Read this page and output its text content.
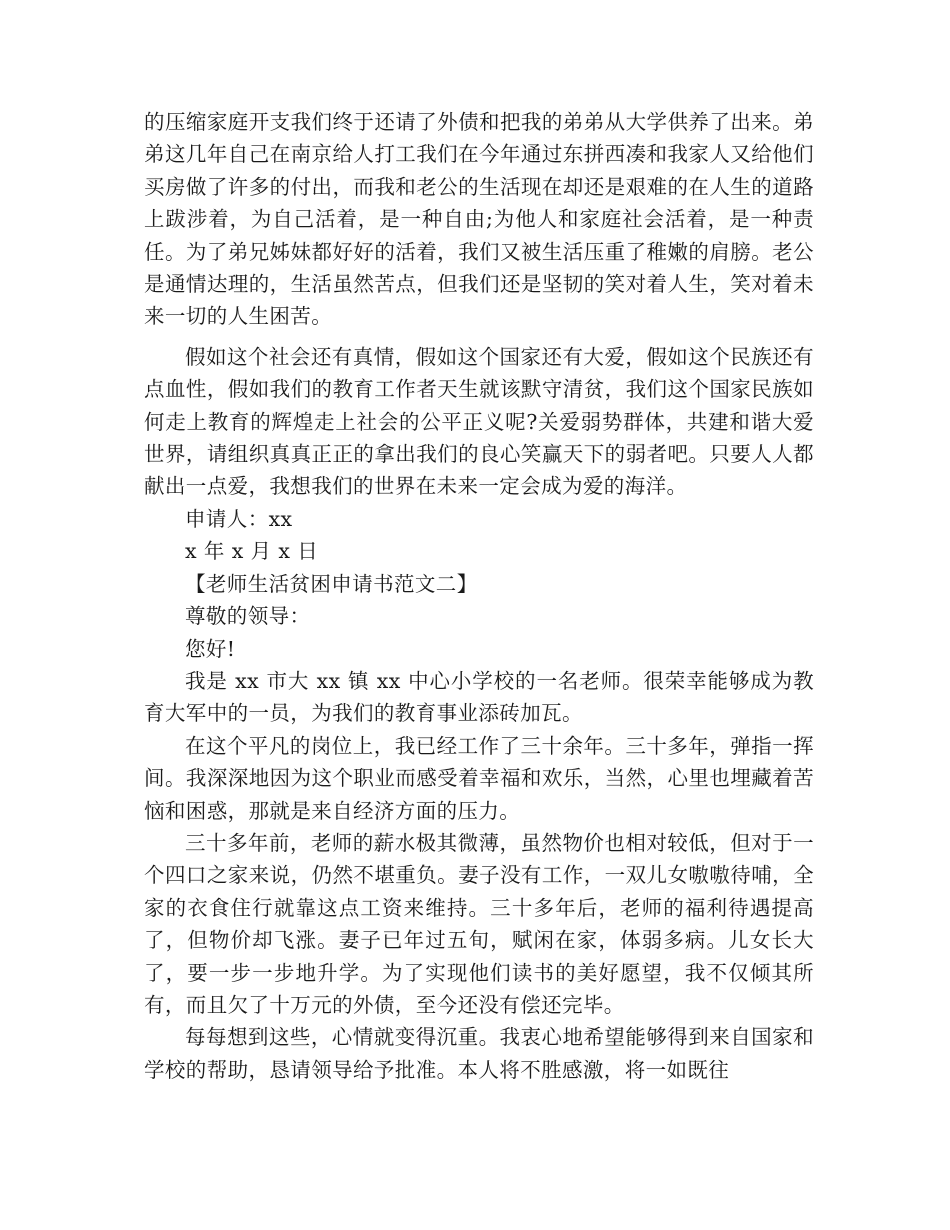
的压缩家庭开支我们终于还请了外债和把我的弟弟从大学供养了出来。弟弟这几年自己在南京给人打工我们在今年通过东拼西凑和我家人又给他们买房做了许多的付出，而我和老公的生活现在却还是艰难的在人生的道路上跋涉着，为自己活着，是一种自由;为他人和家庭社会活着，是一种责任。为了弟兄姊妹都好好的活着，我们又被生活压重了稚嫩的肩膀。老公是通情达理的，生活虽然苦点，但我们还是坚韧的笑对着人生，笑对着未来一切的人生困苦。

假如这个社会还有真情，假如这个国家还有大爱，假如这个民族还有点血性，假如我们的教育工作者天生就该默守清贫，我们这个国家民族如何走上教育的辉煌走上社会的公平正义呢?关爱弱势群体，共建和谐大爱世界，请组织真真正正的拿出我们的良心笑赢天下的弱者吧。只要人人都献出一点爱，我想我们的世界在未来一定会成为爱的海洋。

申请人：xx

x 年 x 月 x 日

【老师生活贫困申请书范文二】

尊敬的领导：

您好!

我是 xx 市大 xx 镇 xx 中心小学校的一名老师。很荣幸能够成为教育大军中的一员，为我们的教育事业添砖加瓦。

在这个平凡的岗位上，我已经工作了三十余年。三十多年，弹指一挥间。我深深地因为这个职业而感受着幸福和欢乐，当然，心里也埋藏着苦恼和困惑，那就是来自经济方面的压力。

三十多年前，老师的薪水极其微薄，虽然物价也相对较低，但对于一个四口之家来说，仍然不堪重负。妻子没有工作，一双儿女嗷嗷待哺，全家的衣食住行就靠这点工资来维持。三十多年后，老师的福利待遇提高了，但物价却飞涨。妻子已年过五旬，赋闲在家，体弱多病。儿女长大了，要一步一步地升学。为了实现他们读书的美好愿望，我不仅倾其所有，而且欠了十万元的外债，至今还没有偿还完毕。

每每想到这些，心情就变得沉重。我衷心地希望能够得到来自国家和学校的帮助，恳请领导给予批准。本人将不胜感激，将一如既往
